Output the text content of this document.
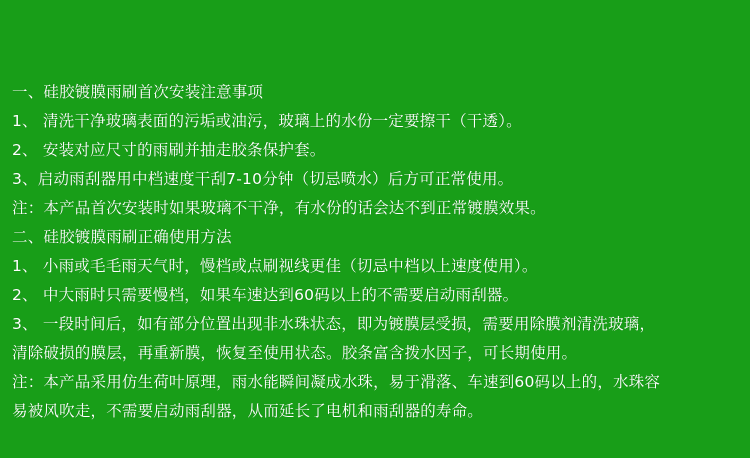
一、硅胶镀膜雨刷首次安装注意事项
1、 清洗干净玻璃表面的污垢或油污，玻璃上的水份一定要擦干（干透）。
2、 安装对应尺寸的雨刷并抽走胶条保护套。
3、启动雨刮器用中档速度干刮7-10分钟（切忌喷水）后方可正常使用。
注：本产品首次安装时如果玻璃不干净，有水份的话会达不到正常镀膜效果。
二、硅胶镀膜雨刷正确使用方法
1、 小雨或毛毛雨天气时，慢档或点刷视线更佳（切忌中档以上速度使用）。
2、 中大雨时只需要慢档，如果车速达到60码以上的不需要启动雨刮器。
3、 一段时间后，如有部分位置出现非水珠状态，即为镀膜层受损，需要用除膜剂清洗玻璃，
清除破损的膜层，再重新膜，恢复至使用状态。胶条富含拨水因子，可长期使用。
注：本产品采用仿生荷叶原理，雨水能瞬间凝成水珠，易于滑落、车速到60码以上的，水珠容
易被风吹走，不需要启动雨刮器，从而延长了电机和雨刮器的寿命。
